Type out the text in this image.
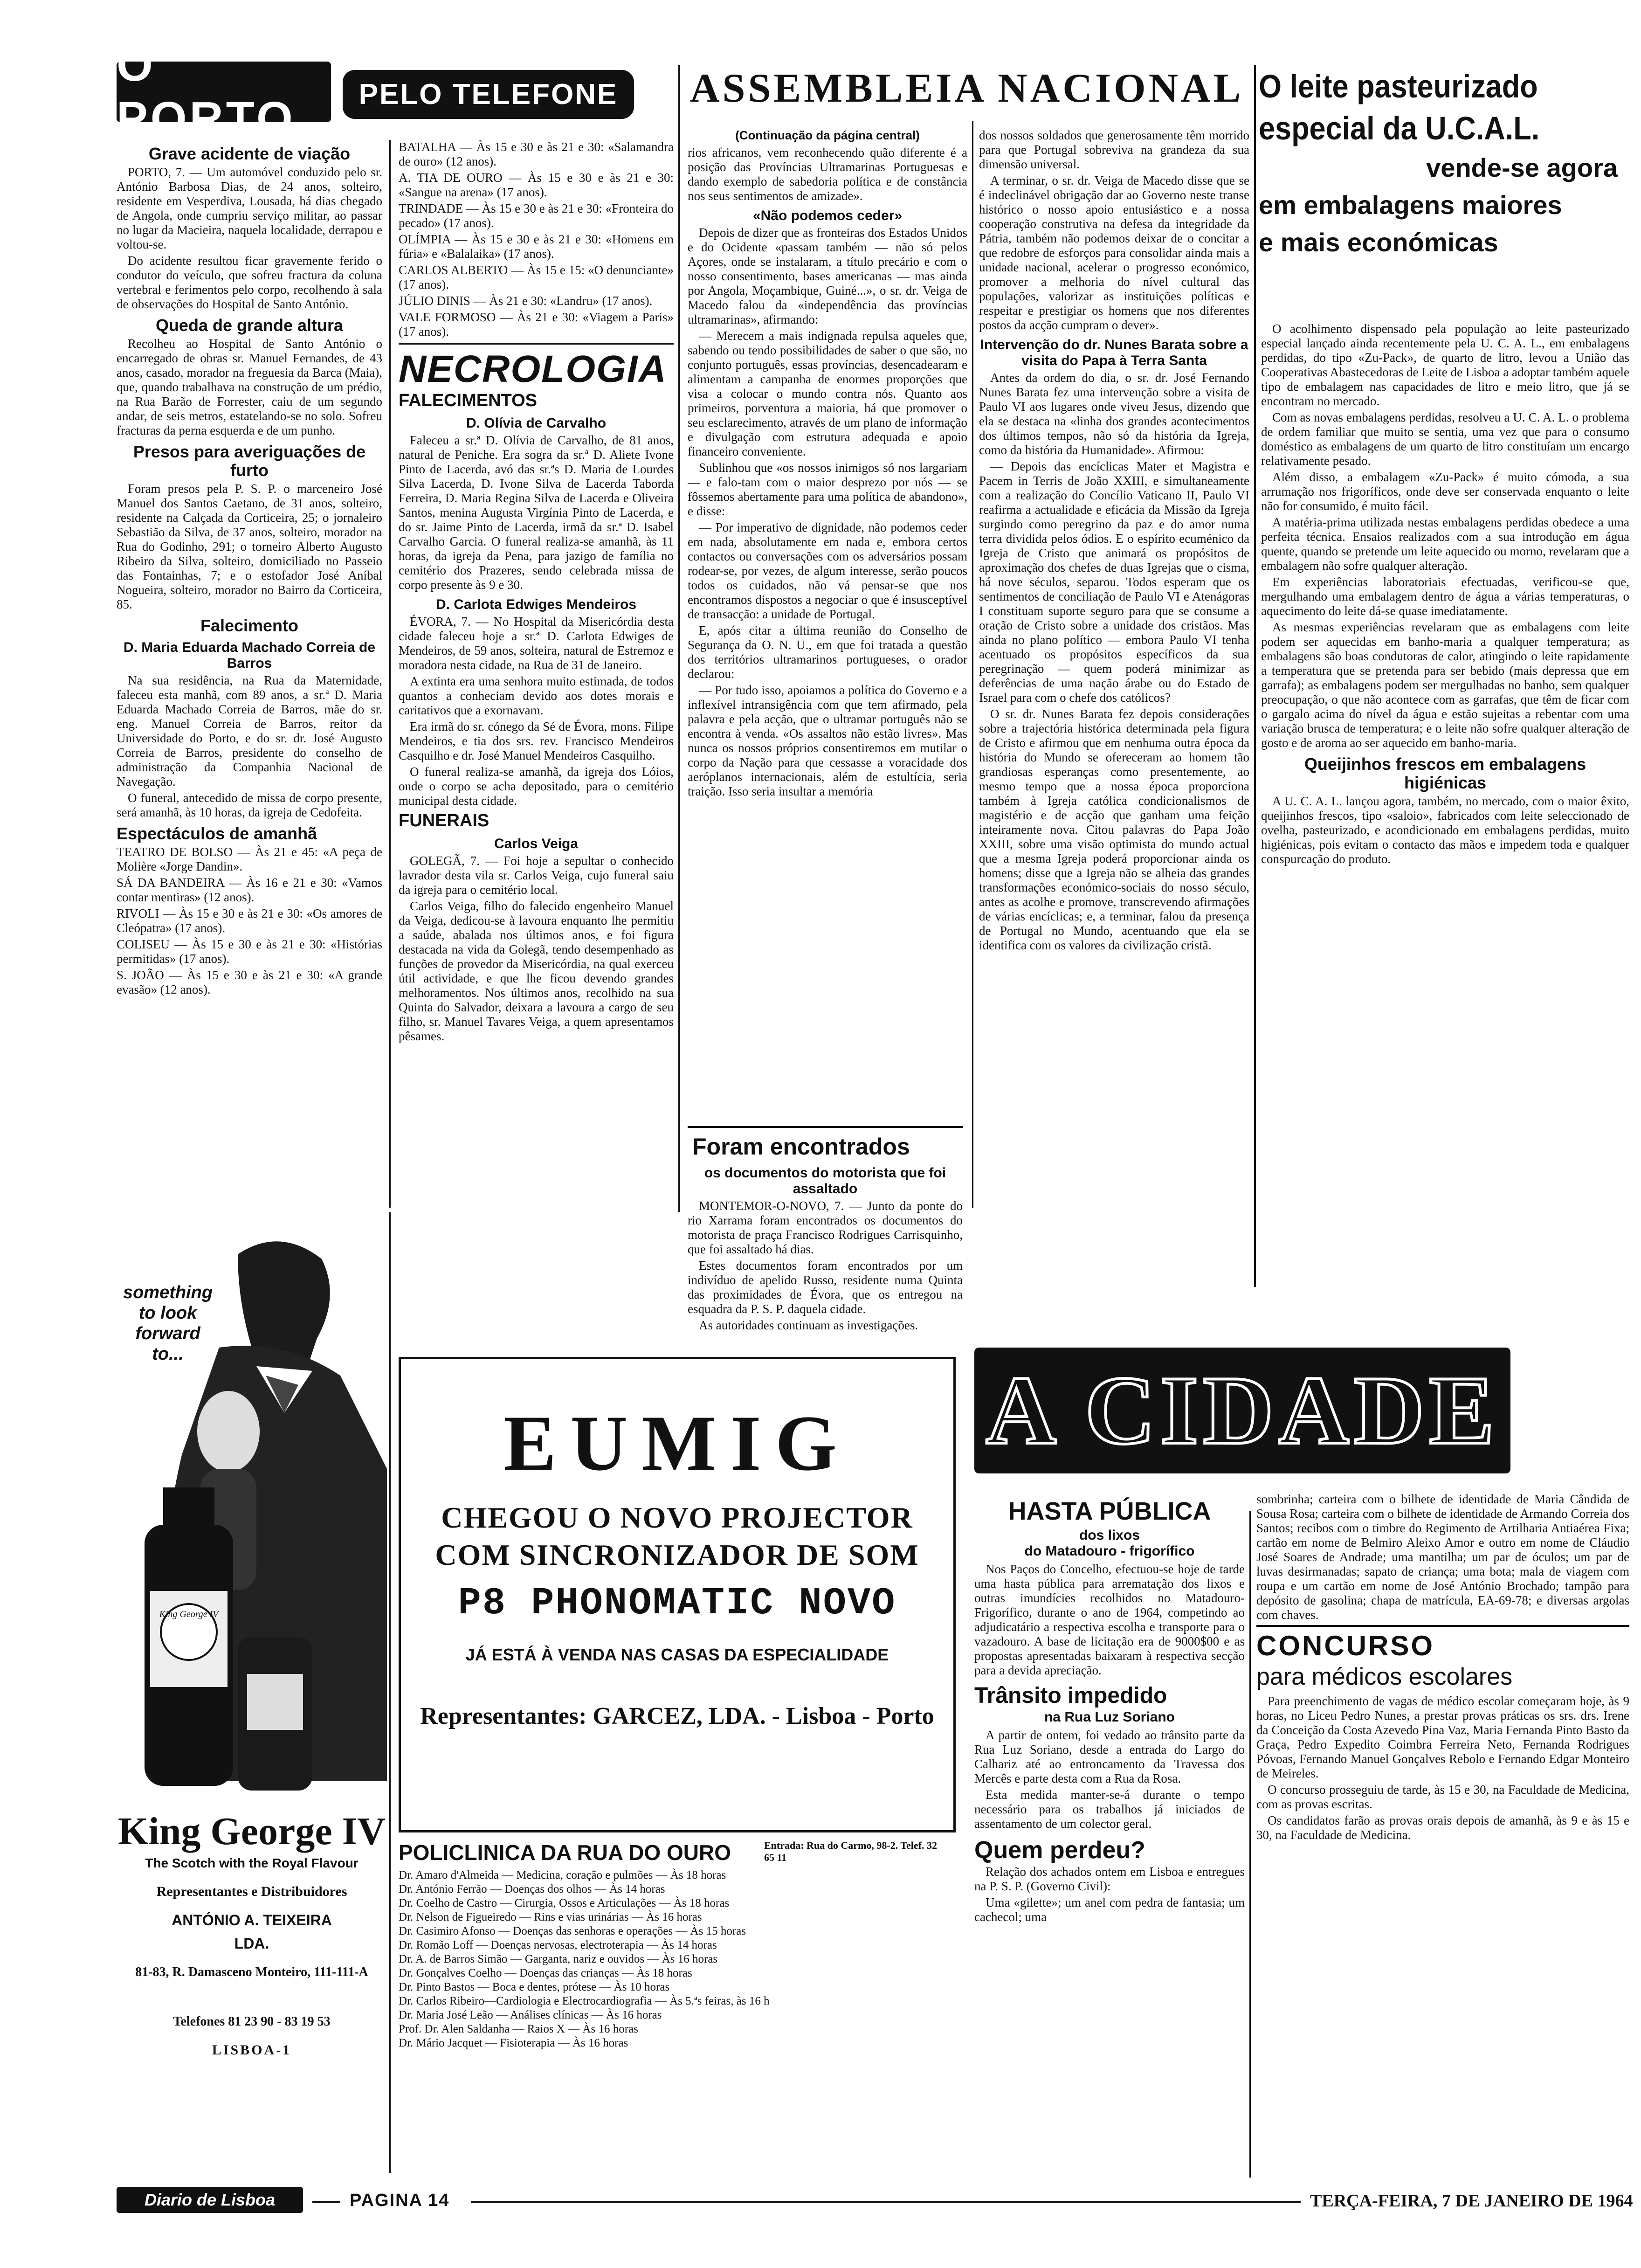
O PORTO	PELO TELEFONE ASSEMBLEIA NACIONAL O leite pasteurizado
especial da U.C.A.L.
vende-se agora
em embalagens maiores
e mais económicas
Grave acidente de viação

PORTO, 7. — Um automóvel conduzido pelo sr. António Barbosa Dias, de 24 anos, solteiro, residente em Vesperdiva, Lousada, há dias chegado de Angola, onde cumpriu serviço militar, ao passar no lugar da Macieira, naquela localidade, derrapou e voltou-se.

Do acidente resultou ficar gravemente ferido o condutor do veículo, que sofreu fractura da coluna vertebral e ferimentos pelo corpo, recolhendo à sala de observações do Hospital de Santo António.

Queda de grande altura

Recolheu ao Hospital de Santo António o encarregado de obras sr. Manuel Fernandes, de 43 anos, casado, morador na freguesia da Barca (Maia), que, quando trabalhava na construção de um prédio, na Rua Barão de Forrester, caiu de um segundo andar, de seis metros, estatelando-se no solo. Sofreu fracturas da perna esquerda e de um punho.

Presos para averiguações de furto

Foram presos pela P. S. P. o marceneiro José Manuel dos Santos Caetano, de 31 anos, solteiro, residente na Calçada da Corticeira, 25; o jornaleiro Sebastião da Silva, de 37 anos, solteiro, morador na Rua do Godinho, 291; o torneiro Alberto Augusto Ribeiro da Silva, solteiro, domiciliado no Passeio das Fontainhas, 7; e o estofador José Aníbal Nogueira, solteiro, morador no Bairro da Corticeira, 85.

Falecimento
D. Maria Eduarda Machado Correia de Barros

Na sua residência, na Rua da Maternidade, faleceu esta manhã, com 89 anos, a sr.ª D. Maria Eduarda Machado Correia de Barros, mãe do sr. eng. Manuel Correia de Barros, reitor da Universidade do Porto, e do sr. dr. José Augusto Correia de Barros, presidente do conselho de administração da Companhia Nacional de Navegação.

O funeral, antecedido de missa de corpo presente, será amanhã, às 10 horas, da igreja de Cedofeita.

Espectáculos de amanhã

TEATRO DE BOLSO — Às 21 e 45: «A peça de Molière «Jorge Dandin».

SÁ DA BANDEIRA — Às 16 e 21 e 30: «Vamos contar mentiras» (12 anos).

RIVOLI — Às 15 e 30 e às 21 e 30: «Os amores de Cleópatra» (17 anos).

COLISEU — Às 15 e 30 e às 21 e 30: «Histórias permitidas» (17 anos).

S. JOÃO — Às 15 e 30 e às 21 e 30: «A grande evasão» (12 anos).

something to look forward to...
King George IV
King George IV
The Scotch with the Royal Flavour
Representantes e Distribuidores
ANTÓNIO A. TEIXEIRA
LDA.
81-83, R. Damasceno Monteiro, 111-111-A
Telefones 81 23 90 - 83 19 53
LISBOA-1

BATALHA — Às 15 e 30 e às 21 e 30: «Salamandra de ouro» (12 anos).

A. TIA DE OURO — Às 15 e 30 e às 21 e 30: «Sangue na arena» (17 anos).

TRINDADE — Às 15 e 30 e às 21 e 30: «Fronteira do pecado» (17 anos).

OLÍMPIA — Às 15 e 30 e às 21 e 30: «Homens em fúria» e «Balalaika» (17 anos).

CARLOS ALBERTO — Às 15 e 15: «O denunciante» (17 anos).

JÚLIO DINIS — Às 21 e 30: «Landru» (17 anos).

VALE FORMOSO — Às 21 e 30: «Viagem a Paris» (17 anos).

NECROLOGIA
FALECIMENTOS
D. Olívia de Carvalho

Faleceu a sr.ª D. Olívia de Carvalho, de 81 anos, natural de Peniche. Era sogra da sr.ª D. Aliete Ivone Pinto de Lacerda, avó das sr.ªs D. Maria de Lourdes Silva Lacerda, D. Ivone Silva de Lacerda Taborda Ferreira, D. Maria Regina Silva de Lacerda e Oliveira Santos, menina Augusta Virgínia Pinto de Lacerda, e do sr. Jaime Pinto de Lacerda, irmã da sr.ª D. Isabel Carvalho Garcia. O funeral realiza-se amanhã, às 11 horas, da igreja da Pena, para jazigo de família no cemitério dos Prazeres, sendo celebrada missa de corpo presente às 9 e 30.

D. Carlota Edwiges Mendeiros

ÉVORA, 7. — No Hospital da Misericórdia desta cidade faleceu hoje a sr.ª D. Carlota Edwiges de Mendeiros, de 59 anos, solteira, natural de Estremoz e moradora nesta cidade, na Rua de 31 de Janeiro.

A extinta era uma senhora muito estimada, de todos quantos a conheciam devido aos dotes morais e caritativos que a exornavam.

Era irmã do sr. cónego da Sé de Évora, mons. Filipe Mendeiros, e tia dos srs. rev. Francisco Mendeiros Casquilho e dr. José Manuel Mendeiros Casquilho.

O funeral realiza-se amanhã, da igreja dos Lóios, onde o corpo se acha depositado, para o cemitério municipal desta cidade.

FUNERAIS
Carlos Veiga

GOLEGÃ, 7. — Foi hoje a sepultar o conhecido lavrador desta vila sr. Carlos Veiga, cujo funeral saiu da igreja para o cemitério local.

Carlos Veiga, filho do falecido engenheiro Manuel da Veiga, dedicou-se à lavoura enquanto lhe permitiu a saúde, abalada nos últimos anos, e foi figura destacada na vida da Golegã, tendo desempenhado as funções de provedor da Misericórdia, na qual exerceu útil actividade, e que lhe ficou devendo grandes melhoramentos. Nos últimos anos, recolhido na sua Quinta do Salvador, deixara a lavoura a cargo de seu filho, sr. Manuel Tavares Veiga, a quem apresentamos pêsames.

(Continuação da página central)

rios africanos, vem reconhecendo quão diferente é a posição das Províncias Ultramarinas Portuguesas e dando exemplo de sabedoria política e de constância nos seus sentimentos de amizade».

«Não podemos ceder»

Depois de dizer que as fronteiras dos Estados Unidos e do Ocidente «passam também — não só pelos Açores, onde se instalaram, a título precário e com o nosso consentimento, bases americanas — mas ainda por Angola, Moçambique, Guiné...», o sr. dr. Veiga de Macedo falou da «independência das províncias ultramarinas», afirmando:

— Merecem a mais indignada repulsa aqueles que, sabendo ou tendo possibilidades de saber o que são, no conjunto português, essas províncias, desencadearam e alimentam a campanha de enormes proporções que visa a colocar o mundo contra nós. Quanto aos primeiros, porventura a maioria, há que promover o seu esclarecimento, através de um plano de informação e divulgação com estrutura adequada e apoio financeiro conveniente.

Sublinhou que «os nossos inimigos só nos largariam — e falo-tam com o maior desprezo por nós — se fôssemos abertamente para uma política de abandono», e disse:

— Por imperativo de dignidade, não podemos ceder em nada, absolutamente em nada e, embora certos contactos ou conversações com os adversários possam rodear-se, por vezes, de algum interesse, serão poucos todos os cuidados, não vá pensar-se que nos encontramos dispostos a negociar o que é insusceptível de transacção: a unidade de Portugal.

E, após citar a última reunião do Conselho de Segurança da O. N. U., em que foi tratada a questão dos territórios ultramarinos portugueses, o orador declarou:

— Por tudo isso, apoiamos a política do Governo e a inflexível intransigência com que tem afirmado, pela palavra e pela acção, que o ultramar português não se encontra à venda. «Os assaltos não estão livres». Mas nunca os nossos próprios consentiremos em mutilar o corpo da Nação para que cessasse a voracidade dos aeróplanos internacionais, além de estultícia, seria traição. Isso seria insultar a memória

dos nossos soldados que generosamente têm morrido para que Portugal sobreviva na grandeza da sua dimensão universal.

A terminar, o sr. dr. Veiga de Macedo disse que se é indeclinável obrigação dar ao Governo neste transe histórico o nosso apoio entusiástico e a nossa cooperação construtiva na defesa da integridade da Pátria, também não podemos deixar de o concitar a que redobre de esforços para consolidar ainda mais a unidade nacional, acelerar o progresso económico, promover a melhoria do nível cultural das populações, valorizar as instituições políticas e respeitar e prestigiar os homens que nos diferentes postos da acção cumpram o dever».

Intervenção do dr. Nunes Barata sobre a visita do Papa à Terra Santa

Antes da ordem do dia, o sr. dr. José Fernando Nunes Barata fez uma intervenção sobre a visita de Paulo VI aos lugares onde viveu Jesus, dizendo que ela se destaca na «linha dos grandes acontecimentos dos últimos tempos, não só da história da Igreja, como da história da Humanidade». Afirmou:

— Depois das encíclicas Mater et Magistra e Pacem in Terris de João XXIII, e simultaneamente com a realização do Concílio Vaticano II, Paulo VI reafirma a actualidade e eficácia da Missão da Igreja surgindo como peregrino da paz e do amor numa terra dividida pelos ódios. E o espírito ecuménico da Igreja de Cristo que animará os propósitos de aproximação dos chefes de duas Igrejas que o cisma, há nove séculos, separou. Todos esperam que os sentimentos de conciliação de Paulo VI e Atenágoras I constituam suporte seguro para que se consume a oração de Cristo sobre a unidade dos cristãos. Mas ainda no plano político — embora Paulo VI tenha acentuado os propósitos específicos da sua peregrinação — quem poderá minimizar as deferências de uma nação árabe ou do Estado de Israel para com o chefe dos católicos?

O sr. dr. Nunes Barata fez depois considerações sobre a trajectória histórica determinada pela figura de Cristo e afirmou que em nenhuma outra época da história do Mundo se ofereceram ao homem tão grandiosas esperanças como presentemente, ao mesmo tempo que a nossa época proporciona também à Igreja católica condicionalismos de magistério e de acção que ganham uma feição inteiramente nova. Citou palavras do Papa João XXIII, sobre uma visão optimista do mundo actual que a mesma Igreja poderá proporcionar ainda os homens; disse que a Igreja não se alheia das grandes transformações económico-sociais do nosso século, antes as acolhe e promove, transcrevendo afirmações de várias encíclicas; e, a terminar, falou da presença de Portugal no Mundo, acentuando que ela se identifica com os valores da civilização cristã.

Foram encontrados
os documentos do motorista que foi assaltado

MONTEMOR-O-NOVO, 7. — Junto da ponte do rio Xarrama foram encontrados os documentos do motorista de praça Francisco Rodrigues Carrisquinho, que foi assaltado há dias.

Estes documentos foram encontrados por um indivíduo de apelido Russo, residente numa Quinta das proximidades de Évora, que os entregou na esquadra da P. S. P. daquela cidade.

As autoridades continuam as investigações.

O acolhimento dispensado pela população ao leite pasteurizado especial lançado ainda recentemente pela U. C. A. L., em embalagens perdidas, do tipo «Zu-Pack», de quarto de litro, levou a União das Cooperativas Abastecedoras de Leite de Lisboa a adoptar também aquele tipo de embalagem nas capacidades de litro e meio litro, que já se encontram no mercado.

Com as novas embalagens perdidas, resolveu a U. C. A. L. o problema de ordem familiar que muito se sentia, uma vez que para o consumo doméstico as embalagens de um quarto de litro constituíam um encargo relativamente pesado.

Além disso, a embalagem «Zu-Pack» é muito cómoda, a sua arrumação nos frigoríficos, onde deve ser conservada enquanto o leite não for consumido, é muito fácil.

A matéria-prima utilizada nestas embalagens perdidas obedece a uma perfeita técnica. Ensaios realizados com a sua introdução em água quente, quando se pretende um leite aquecido ou morno, revelaram que a embalagem não sofre qualquer alteração.

Em experiências laboratoriais efectuadas, verificou-se que, mergulhando uma embalagem dentro de água a várias temperaturas, o aquecimento do leite dá-se quase imediatamente.

As mesmas experiências revelaram que as embalagens com leite podem ser aquecidas em banho-maria a qualquer temperatura; as embalagens são boas condutoras de calor, atingindo o leite rapidamente a temperatura que se pretenda para ser bebido (mais depressa que em garrafa); as embalagens podem ser mergulhadas no banho, sem qualquer preocupação, o que não acontece com as garrafas, que têm de ficar com o gargalo acima do nível da água e estão sujeitas a rebentar com uma variação brusca de temperatura; e o leite não sofre qualquer alteração de gosto e de aroma ao ser aquecido em banho-maria.

Queijinhos frescos em embalagens higiénicas

A U. C. A. L. lançou agora, também, no mercado, com o maior êxito, queijinhos frescos, tipo «saloio», fabricados com leite seleccionado de ovelha, pasteurizado, e acondicionado em embalagens perdidas, muito higiénicas, pois evitam o contacto das mãos e impedem toda e qualquer conspurcação do produto.

EUMIG
CHEGOU O NOVO PROJECTOR
COM SINCRONIZADOR DE SOM
P8 PHONOMATIC NOVO
JÁ ESTÁ À VENDA NAS CASAS DA ESPECIALIDADE
Representantes: GARCEZ, LDA. - Lisboa - Porto
POLICLINICA DA RUA DO OURO	Entrada: Rua do Carmo, 98-2. Telef. 32 65 11

Dr. Amaro d'Almeida — Medicina, coração e pulmões — Às 18 horas

Dr. António Ferrão — Doenças dos olhos — Às 14 horas

Dr. Coelho de Castro — Cirurgia, Ossos e Articulações — Às 18 horas

Dr. Nelson de Figueiredo — Rins e vias urinárias — Às 16 horas

Dr. Casimiro Afonso — Doenças das senhoras e operações — Às 15 horas

Dr. Romão Loff — Doenças nervosas, electroterapia — Às 14 horas

Dr. A. de Barros Simão — Garganta, nariz e ouvidos — Às 16 horas

Dr. Gonçalves Coelho — Doenças das crianças — Às 18 horas

Dr. Pinto Bastos — Boca e dentes, prótese — Às 10 horas

Dr. Carlos Ribeiro—Cardiologia e Electrocardiografia — Às 5.ªs feiras, às 16 h

Dr. Maria José Leão — Análises clínicas — Às 16 horas

Prof. Dr. Alen Saldanha — Raios X — Às 16 horas

Dr. Mário Jacquet — Fisioterapia — Às 16 horas

A CIDADE
HASTA PÚBLICA
dos lixos
do Matadouro - frigorífico

Nos Paços do Concelho, efectuou-se hoje de tarde uma hasta pública para arrematação dos lixos e outras imundícies recolhidos no Matadouro-Frigorífico, durante o ano de 1964, competindo ao adjudicatário a respectiva escolha e transporte para o vazadouro. A base de licitação era de 9000$00 e as propostas apresentadas baixaram à respectiva secção para a devida apreciação.

Trânsito impedido
na Rua Luz Soriano

A partir de ontem, foi vedado ao trânsito parte da Rua Luz Soriano, desde a entrada do Largo do Calhariz até ao entroncamento da Travessa dos Mercês e parte desta com a Rua da Rosa.

Esta medida manter-se-á durante o tempo necessário para os trabalhos já iniciados de assentamento de um colector geral.

Quem perdeu?

Relação dos achados ontem em Lisboa e entregues na P. S. P. (Governo Civil):

Uma «gilette»; um anel com pedra de fantasia; um cachecol; uma

sombrinha; carteira com o bilhete de identidade de Maria Cândida de Sousa Rosa; carteira com o bilhete de identidade de Armando Correia dos Santos; recibos com o timbre do Regimento de Artilharia Antiaérea Fixa; cartão em nome de Belmiro Aleixo Amor e outro em nome de Cláudio José Soares de Andrade; uma mantilha; um par de óculos; um par de luvas desirmanadas; sapato de criança; uma bota; mala de viagem com roupa e um cartão em nome de José António Brochado; tampão para depósito de gasolina; chapa de matrícula, EA-69-78; e diversas argolas com chaves.

CONCURSO
para médicos escolares

Para preenchimento de vagas de médico escolar começaram hoje, às 9 horas, no Liceu Pedro Nunes, a prestar provas práticas os srs. drs. Irene da Conceição da Costa Azevedo Pina Vaz, Maria Fernanda Pinto Basto da Graça, Pedro Expedito Coimbra Ferreira Neto, Fernanda Rodrigues Póvoas, Fernando Manuel Gonçalves Rebolo e Fernando Edgar Monteiro de Meireles.

O concurso prosseguiu de tarde, às 15 e 30, na Faculdade de Medicina, com as provas escritas.

Os candidatos farão as provas orais depois de amanhã, às 9 e às 15 e 30, na Faculdade de Medicina.

Diario de Lisboa	PAGINA 14	TERÇA-FEIRA, 7 DE JANEIRO DE 1964
